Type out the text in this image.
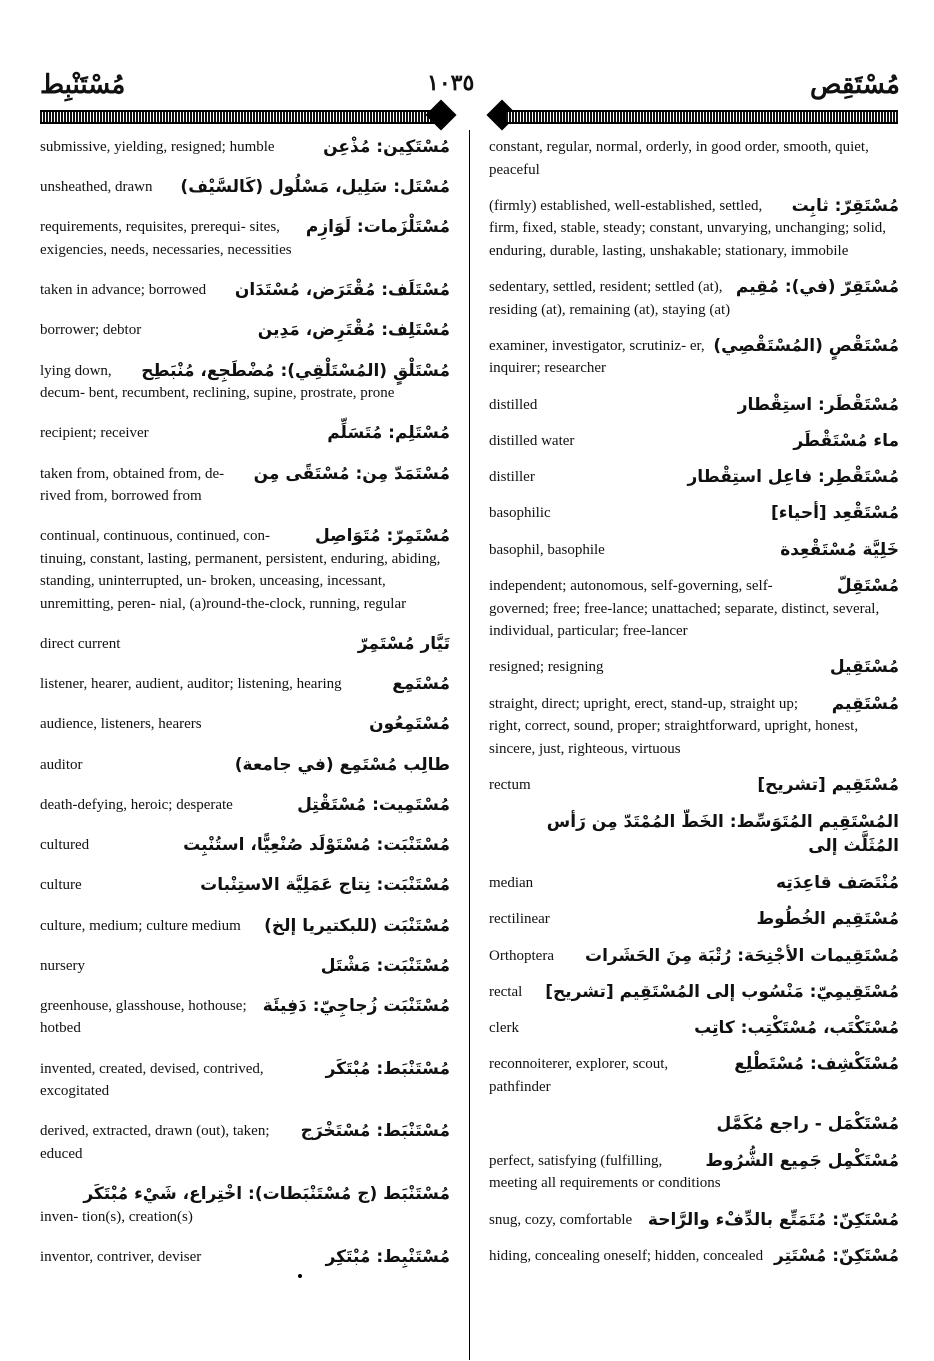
مُسْتَنْبِط	١٠٣٥	مُسْتَقِص
مُسْتَكِين: مُذْعِن
submissive, yielding, resigned; humble
مُسْتَل: سَلِيل، مَسْلُول (كَالسَّيْف)
unsheathed, drawn
مُسْتَلْزَمات: لَوَازِم
requirements, requisites, prerequi- sites, exigencies, needs, necessaries, necessities
مُسْتَلَف: مُقْتَرَض، مُسْتَدَان
taken in advance; borrowed
مُسْتَلِف: مُقْتَرِض، مَدِين
borrower; debtor
مُسْتَلْقٍ (المُسْتَلْقِي): مُضْطَجِع، مُنْبَطِح
lying down, decum- bent, recumbent, reclining, supine, prostrate, prone
مُسْتَلِم: مُتَسَلِّم
recipient; receiver
مُسْتَمَدّ مِن: مُسْتَقًى مِن
taken from, obtained from, de- rived from, borrowed from
مُسْتَمِرّ: مُتَوَاصِل
continual, continuous, continued, con- tinuing, constant, lasting, permanent, persistent, enduring, abiding, standing, uninterrupted, un- broken, unceasing, incessant, unremitting, peren- nial, (a)round-the-clock, running, regular
تَيَّار مُسْتَمِرّ
direct current
مُسْتَمِع
listener, hearer, audient, auditor; listening, hearing
مُسْتَمِعُون
audience, listeners, hearers
طالِب مُسْتَمِع (في جامعة)
auditor
مُسْتَمِيت: مُسْتَقْتِل
death-defying, heroic; desperate
مُسْتَنْبَت: مُسْتَوْلَد صُنْعِيًّا، استُنْبِت
cultured
مُسْتَنْبَت: نِتاج عَمَلِيَّة الاستِنْبات
culture
مُسْتَنْبَت (للبكتيريا إلخ)
culture, medium; culture medium
مُسْتَنْبَت: مَشْتَل
nursery
مُسْتَنْبَت زُجاجِيّ: دَفِيئَة
greenhouse, glasshouse, hothouse; hotbed
مُسْتَنْبَط: مُبْتَكَر
invented, created, devised, contrived, excogitated
مُسْتَنْبَط: مُسْتَخْرَج
derived, extracted, drawn (out), taken; educed
مُسْتَنْبَط (ج مُسْتَنْبَطات): اخْتِراع، شَيْء مُبْتَكَر
inven- tion(s), creation(s)
مُسْتَنْبِط: مُبْتَكِر
inventor, contriver, deviser
constant, regular, normal, orderly, in good order, smooth, quiet, peaceful
مُسْتَقِرّ: ثابِت
(firmly) established, well-established, settled, firm, fixed, stable, steady; constant, unvarying, unchanging; solid, enduring, durable, lasting, unshakable; stationary, immobile
مُسْتَقِرّ (في): مُقِيم
sedentary, settled, resident; settled (at), residing (at), remaining (at), staying (at)
مُسْتَقْصٍ (المُسْتَقْصِي)
examiner, investigator, scrutiniz- er, inquirer; researcher
مُسْتَقْطَر: استِقْطار
distilled
ماء مُسْتَقْطَر
distilled water
مُسْتَقْطِر: فاعِل استِقْطار
distiller
مُسْتَقْعِد [أحياء]
basophilic
خَلِيَّة مُسْتَقْعِدة
basophil, basophile
مُسْتَقِلّ
independent; autonomous, self-governing, self- governed; free; free-lance; unattached; separate, distinct, several, individual, particular; free-lancer
مُسْتَقِيل
resigned; resigning
مُسْتَقِيم
straight, direct; upright, erect, stand-up, straight up; right, correct, sound, proper; straightforward, upright, honest, sincere, just, righteous, virtuous
مُسْتَقِيم [تشريح]
rectum
المُسْتَقِيم المُتَوَسِّط: الخَطّ المُمْتَدّ مِن رَأس المُثَلَّث إلى
مُنْتَصَف قاعِدَتِه
median
مُسْتَقِيم الخُطُوط
rectilinear
مُسْتَقِيمات الأجْنِحَة: رُتْبَة مِنَ الحَشَرات
Orthoptera
مُسْتَقِيمِيّ: مَنْسُوب إلى المُسْتَقِيم [تشريح]
rectal
مُسْتَكْتَب، مُسْتَكْتِب: كاتِب
clerk
مُسْتَكْشِف: مُسْتَطْلِع
reconnoiterer, explorer, scout, pathfinder
مُسْتَكْمَل - راجع مُكَمَّل
مُسْتَكْمِل جَمِيع الشُّرُوط
perfect, satisfying (fulfilling, meeting all requirements or conditions
مُسْتَكِنّ: مُتَمَتِّع بالدِّفْء والرَّاحة
snug, cozy, comfortable
مُسْتَكِنّ: مُسْتَتِر
hiding, concealing oneself; hidden, concealed
